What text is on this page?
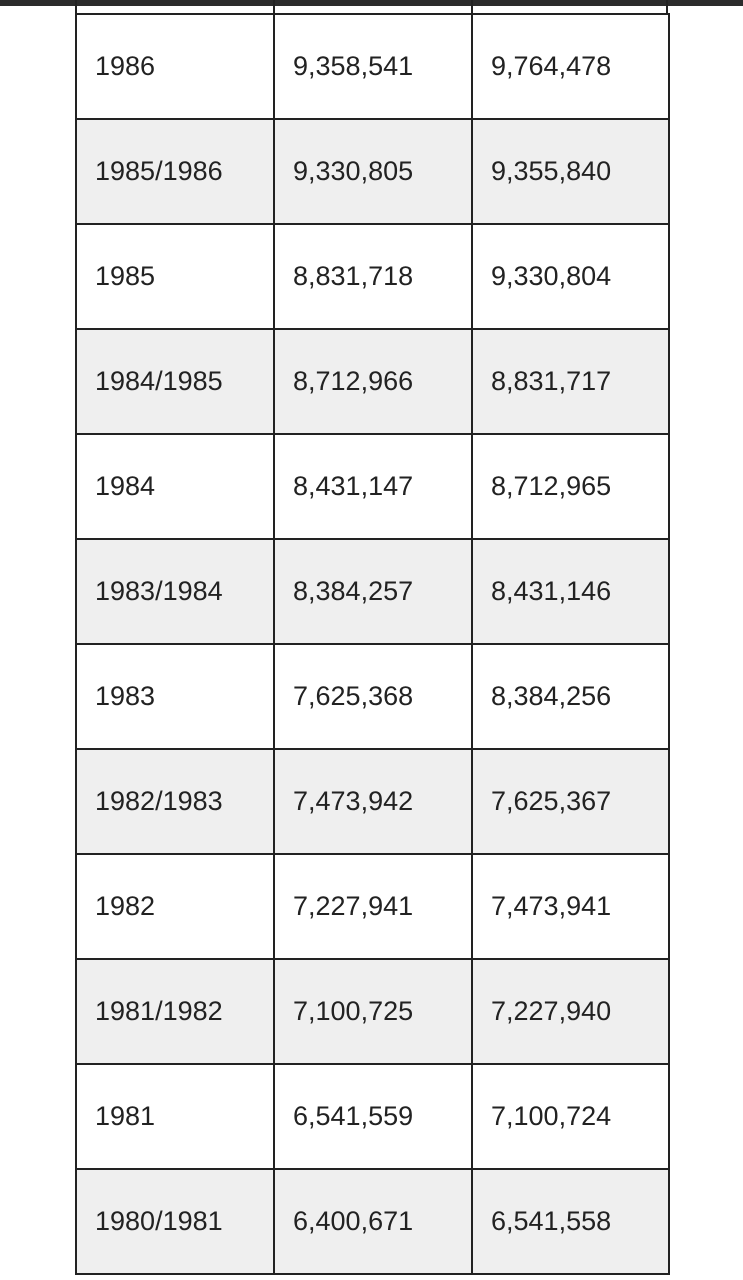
1986	9,358,541	9,764,478
1985/1986	9,330,805	9,355,840
1985	8,831,718	9,330,804
1984/1985	8,712,966	8,831,717
1984	8,431,147	8,712,965
1983/1984	8,384,257	8,431,146
1983	7,625,368	8,384,256
1982/1983	7,473,942	7,625,367
1982	7,227,941	7,473,941
1981/1982	7,100,725	7,227,940
1981	6,541,559	7,100,724
1980/1981	6,400,671	6,541,558
